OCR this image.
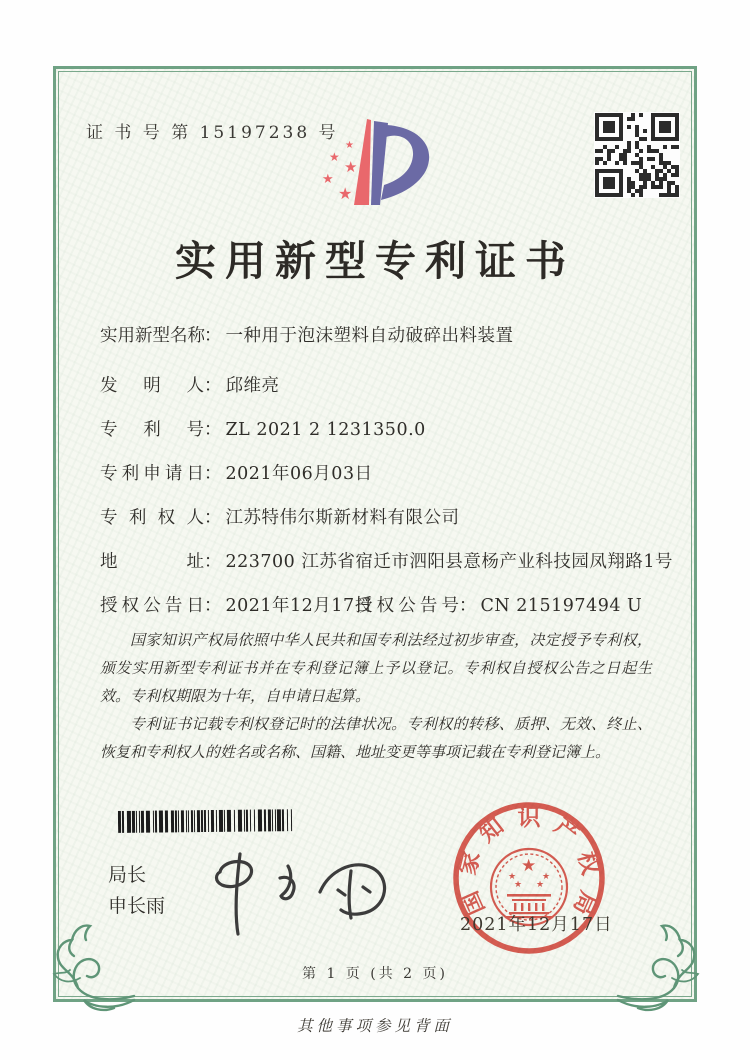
证 书 号 第 15197238 号
★
★
★
★
★
实用新型专利证书
实用新型名称： 一种用于泡沫塑料自动破碎出料装置
发明人： 邱维亮
专利号： ZL 2021 2 1231350.0
专利申请日： 2021年06月03日
专利权人： 江苏特伟尔斯新材料有限公司
地址： 223700 江苏省宿迁市泗阳县意杨产业科技园凤翔路1号
授权公告日： 2021年12月17日
授权公告号： CN 215197494 U

国家知识产权局依照中华人民共和国专利法经过初步审查，决定授予专利权，颁发实用新型专利证书并在专利登记簿上予以登记。专利权自授权公告之日起生效。专利权期限为十年，自申请日起算。

专利证书记载专利权登记时的法律状况。专利权的转移、质押、无效、终止、恢复和专利权人的姓名或名称、国籍、地址变更等事项记载在专利登记簿上。

局长
申长雨	国
家
知 识 产
权
局
★
★	★
★ ★
2021年12月17日
第 1 页 (共 2 页)
其他事项参见背面
